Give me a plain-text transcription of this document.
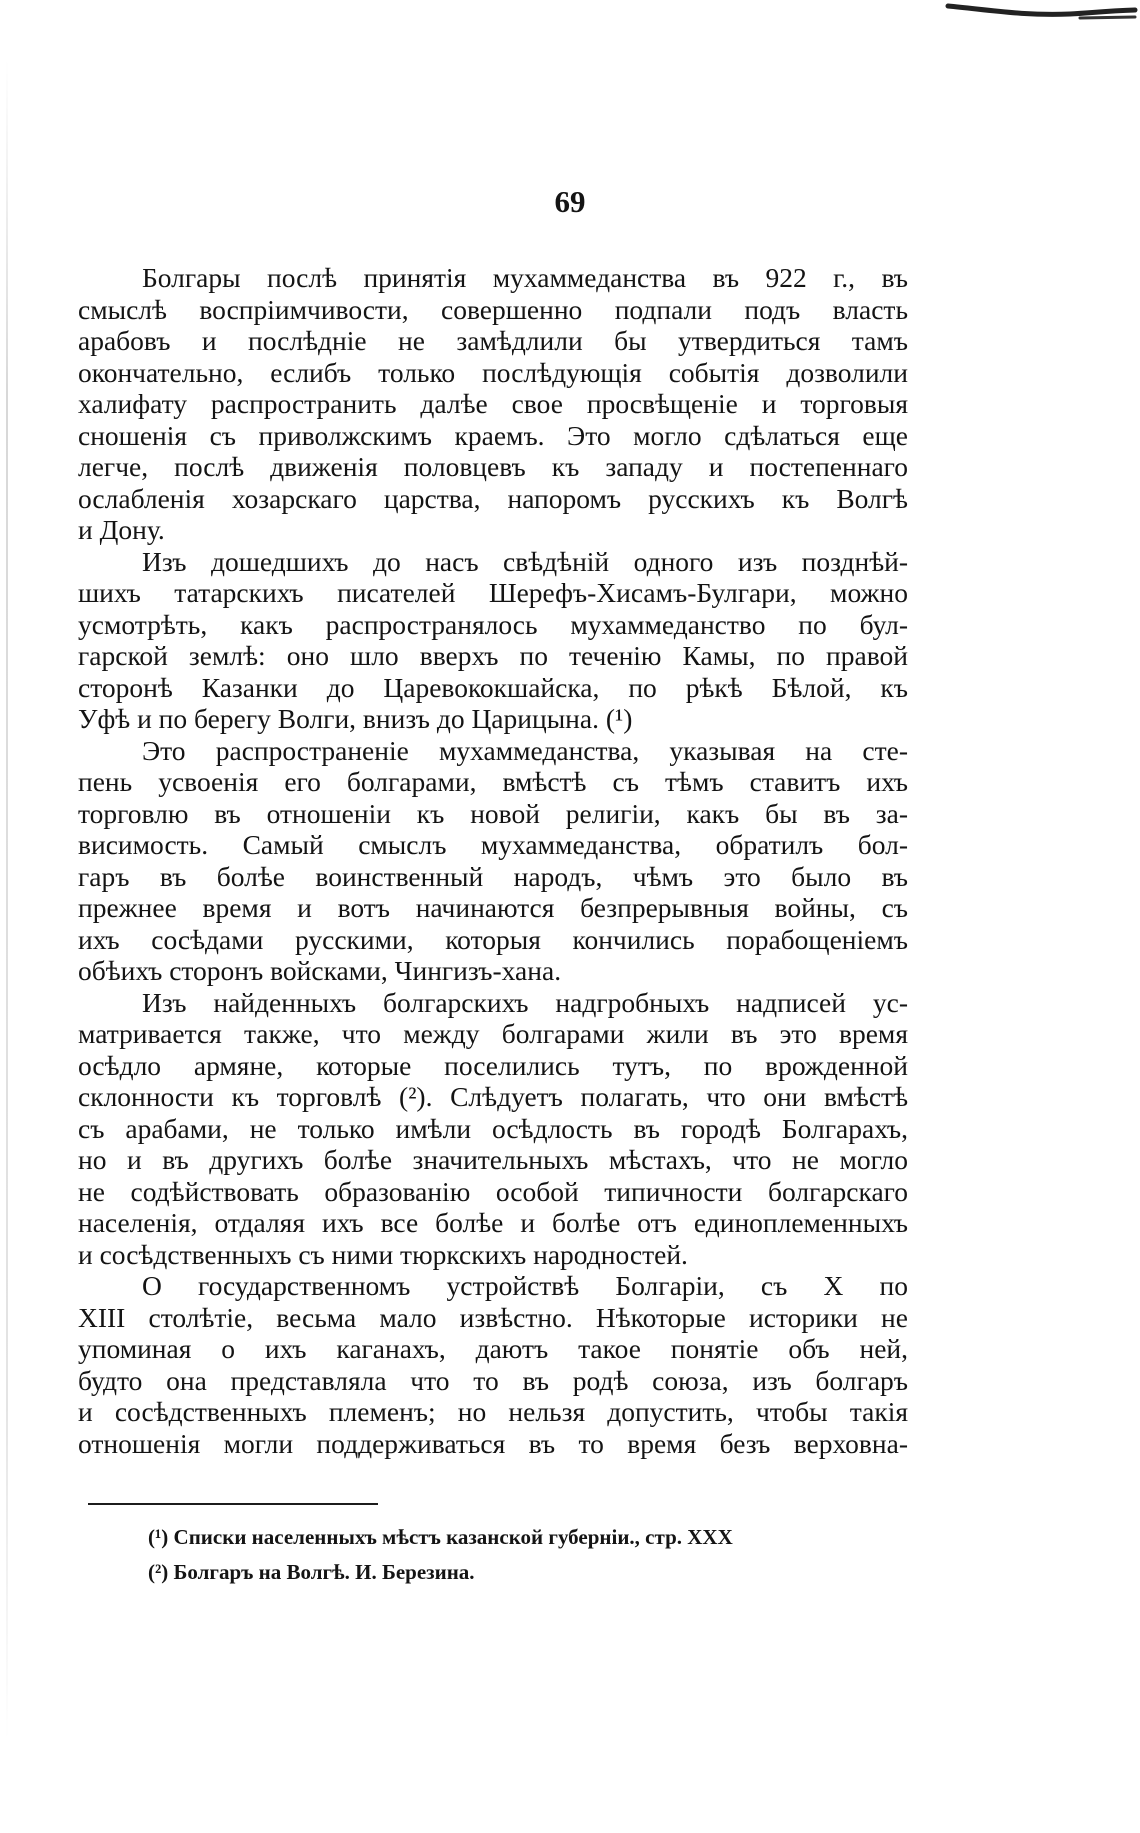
69
Болгары послѣ принятія мухаммеданства въ 922 г., въ
смыслѣ воспріимчивости, совершенно подпали подъ власть
арабовъ и послѣдніе не замѣдлили бы утвердиться тамъ
окончательно, еслибъ только послѣдующія событія дозволили
халифату распространить далѣе свое просвѣщеніе и торговыя
сношенія съ приволжскимъ краемъ. Это могло сдѣлаться еще
легче, послѣ движенія половцевъ къ западу и постепеннаго
ослабленія хозарскаго царства, напоромъ русскихъ къ Волгѣ
и Дону.
Изъ дошедшихъ до насъ свѣдѣній одного изъ позднѣй-
шихъ татарскихъ писателей Шерефъ-Хисамъ-Булгари, можно
усмотрѣть, какъ распространялось мухаммеданство по бул-
гарской землѣ: оно шло вверхъ по теченію Камы, по правой
сторонѣ Казанки до Царевококшайска, по рѣкѣ Бѣлой, къ
Уфѣ и по берегу Волги, внизъ до Царицына. (¹)
Это распространеніе мухаммеданства, указывая на сте-
пень усвоенія его болгарами, вмѣстѣ съ тѣмъ ставитъ ихъ
торговлю въ отношеніи къ новой религіи, какъ бы въ за-
висимость. Самый смыслъ мухаммеданства, обратилъ бол-
гаръ въ болѣе воинственный народъ, чѣмъ это было въ
прежнее время и вотъ начинаются безпрерывныя войны, съ
ихъ сосѣдами русскими, которыя кончились порабощеніемъ
обѣихъ сторонъ войсками, Чингизъ-хана.
Изъ найденныхъ болгарскихъ надгробныхъ надписей ус-
матривается также, что между болгарами жили въ это время
осѣдло армяне, которые поселились тутъ, по врожденной
склонности къ торговлѣ (²). Слѣдуетъ полагать, что они вмѣстѣ
съ арабами, не только имѣли осѣдлость въ городѣ Болгарахъ,
но и въ другихъ болѣе значительныхъ мѣстахъ, что не могло
не содѣйствовать образованію особой типичности болгарскаго
населенія, отдаляя ихъ все болѣе и болѣе отъ единоплеменныхъ
и сосѣдственныхъ съ ними тюркскихъ народностей.
О государственномъ устройствѣ Болгаріи, съ X по
XIII столѣтіе, весьма мало извѣстно. Нѣкоторые историки не
упоминая о ихъ каганахъ, даютъ такое понятіе объ ней,
будто она представляла что то въ родѣ союза, изъ болгаръ
и сосѣдственныхъ племенъ; но нельзя допустить, чтобы такія
отношенія могли поддерживаться въ то время безъ верховна-
(¹) Списки населенныхъ мѣстъ казанской губерніи., стр. XXX
(²) Болгаръ на Волгѣ. И. Березина.
